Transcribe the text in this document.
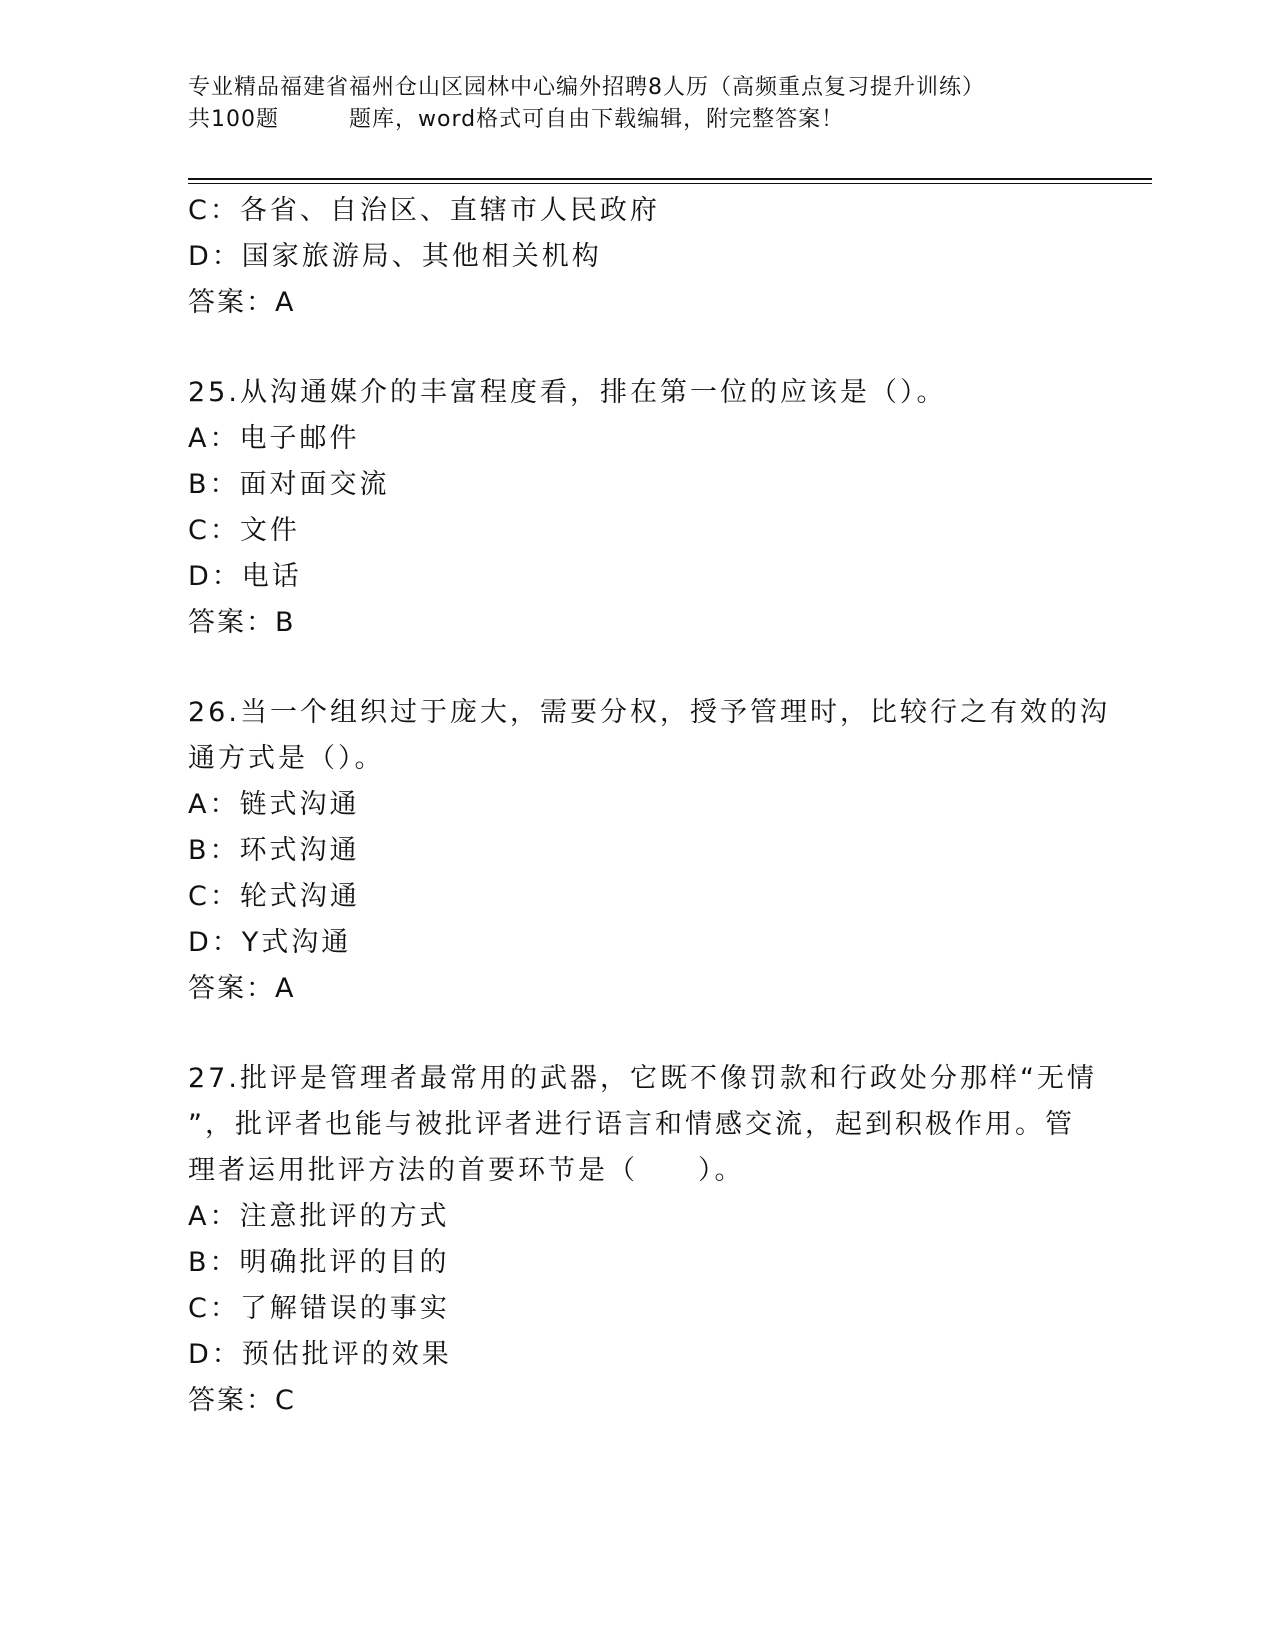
专业精品福建省福州仓山区园林中心编外招聘8人历（高频重点复习提升训练）
共100题	题库，word格式可自由下载编辑，附完整答案！
C：各省、自治区、直辖市人民政府
D：国家旅游局、其他相关机构
答案：A
25.从沟通媒介的丰富程度看，排在第一位的应该是（）。
A：电子邮件
B：面对面交流
C：文件
D：电话
答案：B
26.当一个组织过于庞大，需要分权，授予管理时，比较行之有效的沟
通方式是（）。
A：链式沟通
B：环式沟通
C：轮式沟通
D：Y式沟通
答案：A
27.批评是管理者最常用的武器，它既不像罚款和行政处分那样“无情
”，批评者也能与被批评者进行语言和情感交流，起到积极作用。管
理者运用批评方法的首要环节是（　　）。
A：注意批评的方式
B：明确批评的目的
C：了解错误的事实
D：预估批评的效果
答案：C
